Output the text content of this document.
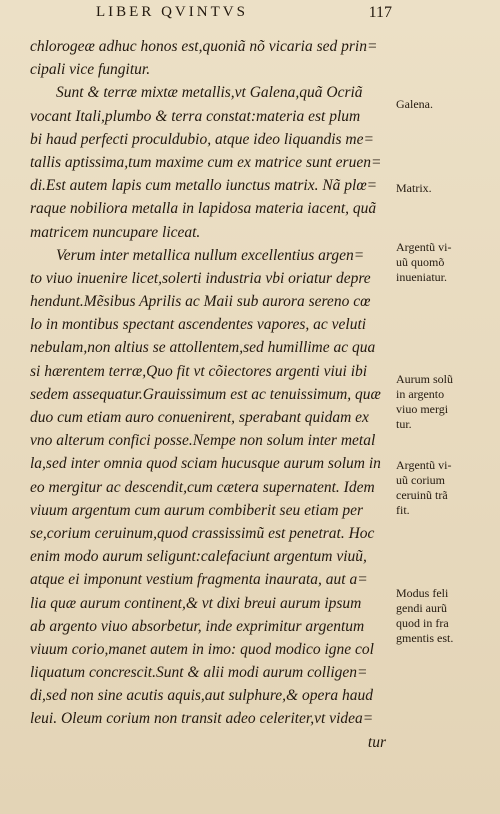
LIBER QVINTVS	117
chlorogeæ adhuc honos est,quoniã nõ vicaria sed prin=
cipali vice fungitur.
Sunt & terræ mixtæ metallis,vt Galena,quã Ocriã
vocant Itali,plumbo & terra constat:materia est plum
bi haud perfecti proculdubio, atque ideo liquandis me=
tallis aptissima,tum maxime cum ex matrice sunt eruen=
di.Est autem lapis cum metallo iunctus matrix. Nã plœ=
raque nobiliora metalla in lapidosa materia iacent, quã
matricem nuncupare liceat.
Verum inter metallica nullum excellentius argen=
to viuo inuenire licet,solerti industria vbi oriatur depre
hendunt.Mẽsibus Aprilis ac Maii sub aurora sereno cœ
lo in montibus spectant ascendentes vapores, ac veluti
nebulam,non altius se attollentem,sed humillime ac qua
si hærentem terræ,Quo fit vt cõiectores argenti viui ibi
sedem assequatur.Grauissimum est ac tenuissimum, quæ
duo cum etiam auro conuenirent, sperabant quidam ex
vno alterum confici posse.Nempe non solum inter metal
la,sed inter omnia quod sciam hucusque aurum solum in
eo mergitur ac descendit,cum cætera supernatent. Idem
viuum argentum cum aurum combiberit seu etiam per
se,corium ceruinum,quod crassissimũ est penetrat. Hoc
enim modo aurum seligunt:calefaciunt argentum viuũ,
atque ei imponunt vestium fragmenta inaurata, aut a=
lia quæ aurum continent,& vt dixi breui aurum ipsum
ab argento viuo absorbetur, inde exprimitur argentum
viuum corio,manet autem in imo: quod modico igne col
liquatum concrescit.Sunt & alii modi aurum colligen=
di,sed non sine acutis aquis,aut sulphure,& opera haud
leui. Oleum corium non transit adeo celeriter,vt videa=
tur
Galena.
Matrix.
Argentũ vi-
uũ quomõ
inueniatur.
Aurum solũ
in argento
viuo mergi
tur.
Argentũ vi-
uũ corium
ceruinũ trã
fit.
Modus feli
gendi aurũ
quod in fra
gmentis est.
